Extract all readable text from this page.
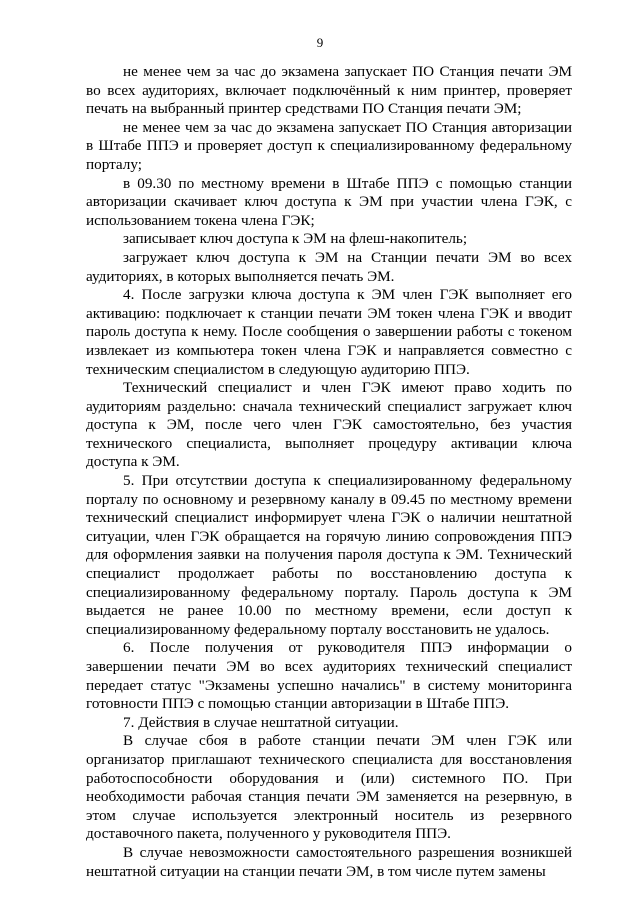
9

не менее чем за час до экзамена запускает ПО Станция печати ЭМ во всех аудиториях, включает подключённый к ним принтер, проверяет печать на выбранный принтер средствами ПО Станция печати ЭМ;

не менее чем за час до экзамена запускает ПО Станция авторизации в Штабе ППЭ и проверяет доступ к специализированному федеральному порталу;

в 09.30 по местному времени в Штабе ППЭ с помощью станции авторизации скачивает ключ доступа к ЭМ при участии члена ГЭК, с использованием токена члена ГЭК;

записывает ключ доступа к ЭМ на флеш-накопитель;

загружает ключ доступа к ЭМ на Станции печати ЭМ во всех аудиториях, в которых выполняется печать ЭМ.

4. После загрузки ключа доступа к ЭМ член ГЭК выполняет его активацию: подключает к станции печати ЭМ токен члена ГЭК и вводит пароль доступа к нему. После сообщения о завершении работы с токеном извлекает из компьютера токен члена ГЭК и направляется совместно с техническим специалистом в следующую аудиторию ППЭ.

Технический специалист и член ГЭК имеют право ходить по аудиториям раздельно: сначала технический специалист загружает ключ доступа к ЭМ, после чего член ГЭК самостоятельно, без участия технического специалиста, выполняет процедуру активации ключа доступа к ЭМ.

5. При отсутствии доступа к специализированному федеральному порталу по основному и резервному каналу в 09.45 по местному времени технический специалист информирует члена ГЭК о наличии нештатной ситуации, член ГЭК обращается на горячую линию сопровождения ППЭ для оформления заявки на получения пароля доступа к ЭМ. Технический специалист продолжает работы по восстановлению доступа к специализированному федеральному порталу. Пароль доступа к ЭМ выдается не ранее 10.00 по местному времени, если доступ к специализированному федеральному порталу восстановить не удалось.

6. После получения от руководителя ППЭ информации о завершении печати ЭМ во всех аудиториях технический специалист передает статус "Экзамены успешно начались" в систему мониторинга готовности ППЭ с помощью станции авторизации в Штабе ППЭ.

7. Действия в случае нештатной ситуации.

В случае сбоя в работе станции печати ЭМ член ГЭК или организатор приглашают технического специалиста для восстановления работоспособности оборудования и (или) системного ПО. При необходимости рабочая станция печати ЭМ заменяется на резервную, в этом случае используется электронный носитель из резервного доставочного пакета, полученного у руководителя ППЭ.

В случае невозможности самостоятельного разрешения возникшей нештатной ситуации на станции печати ЭМ, в том числе путем замены
